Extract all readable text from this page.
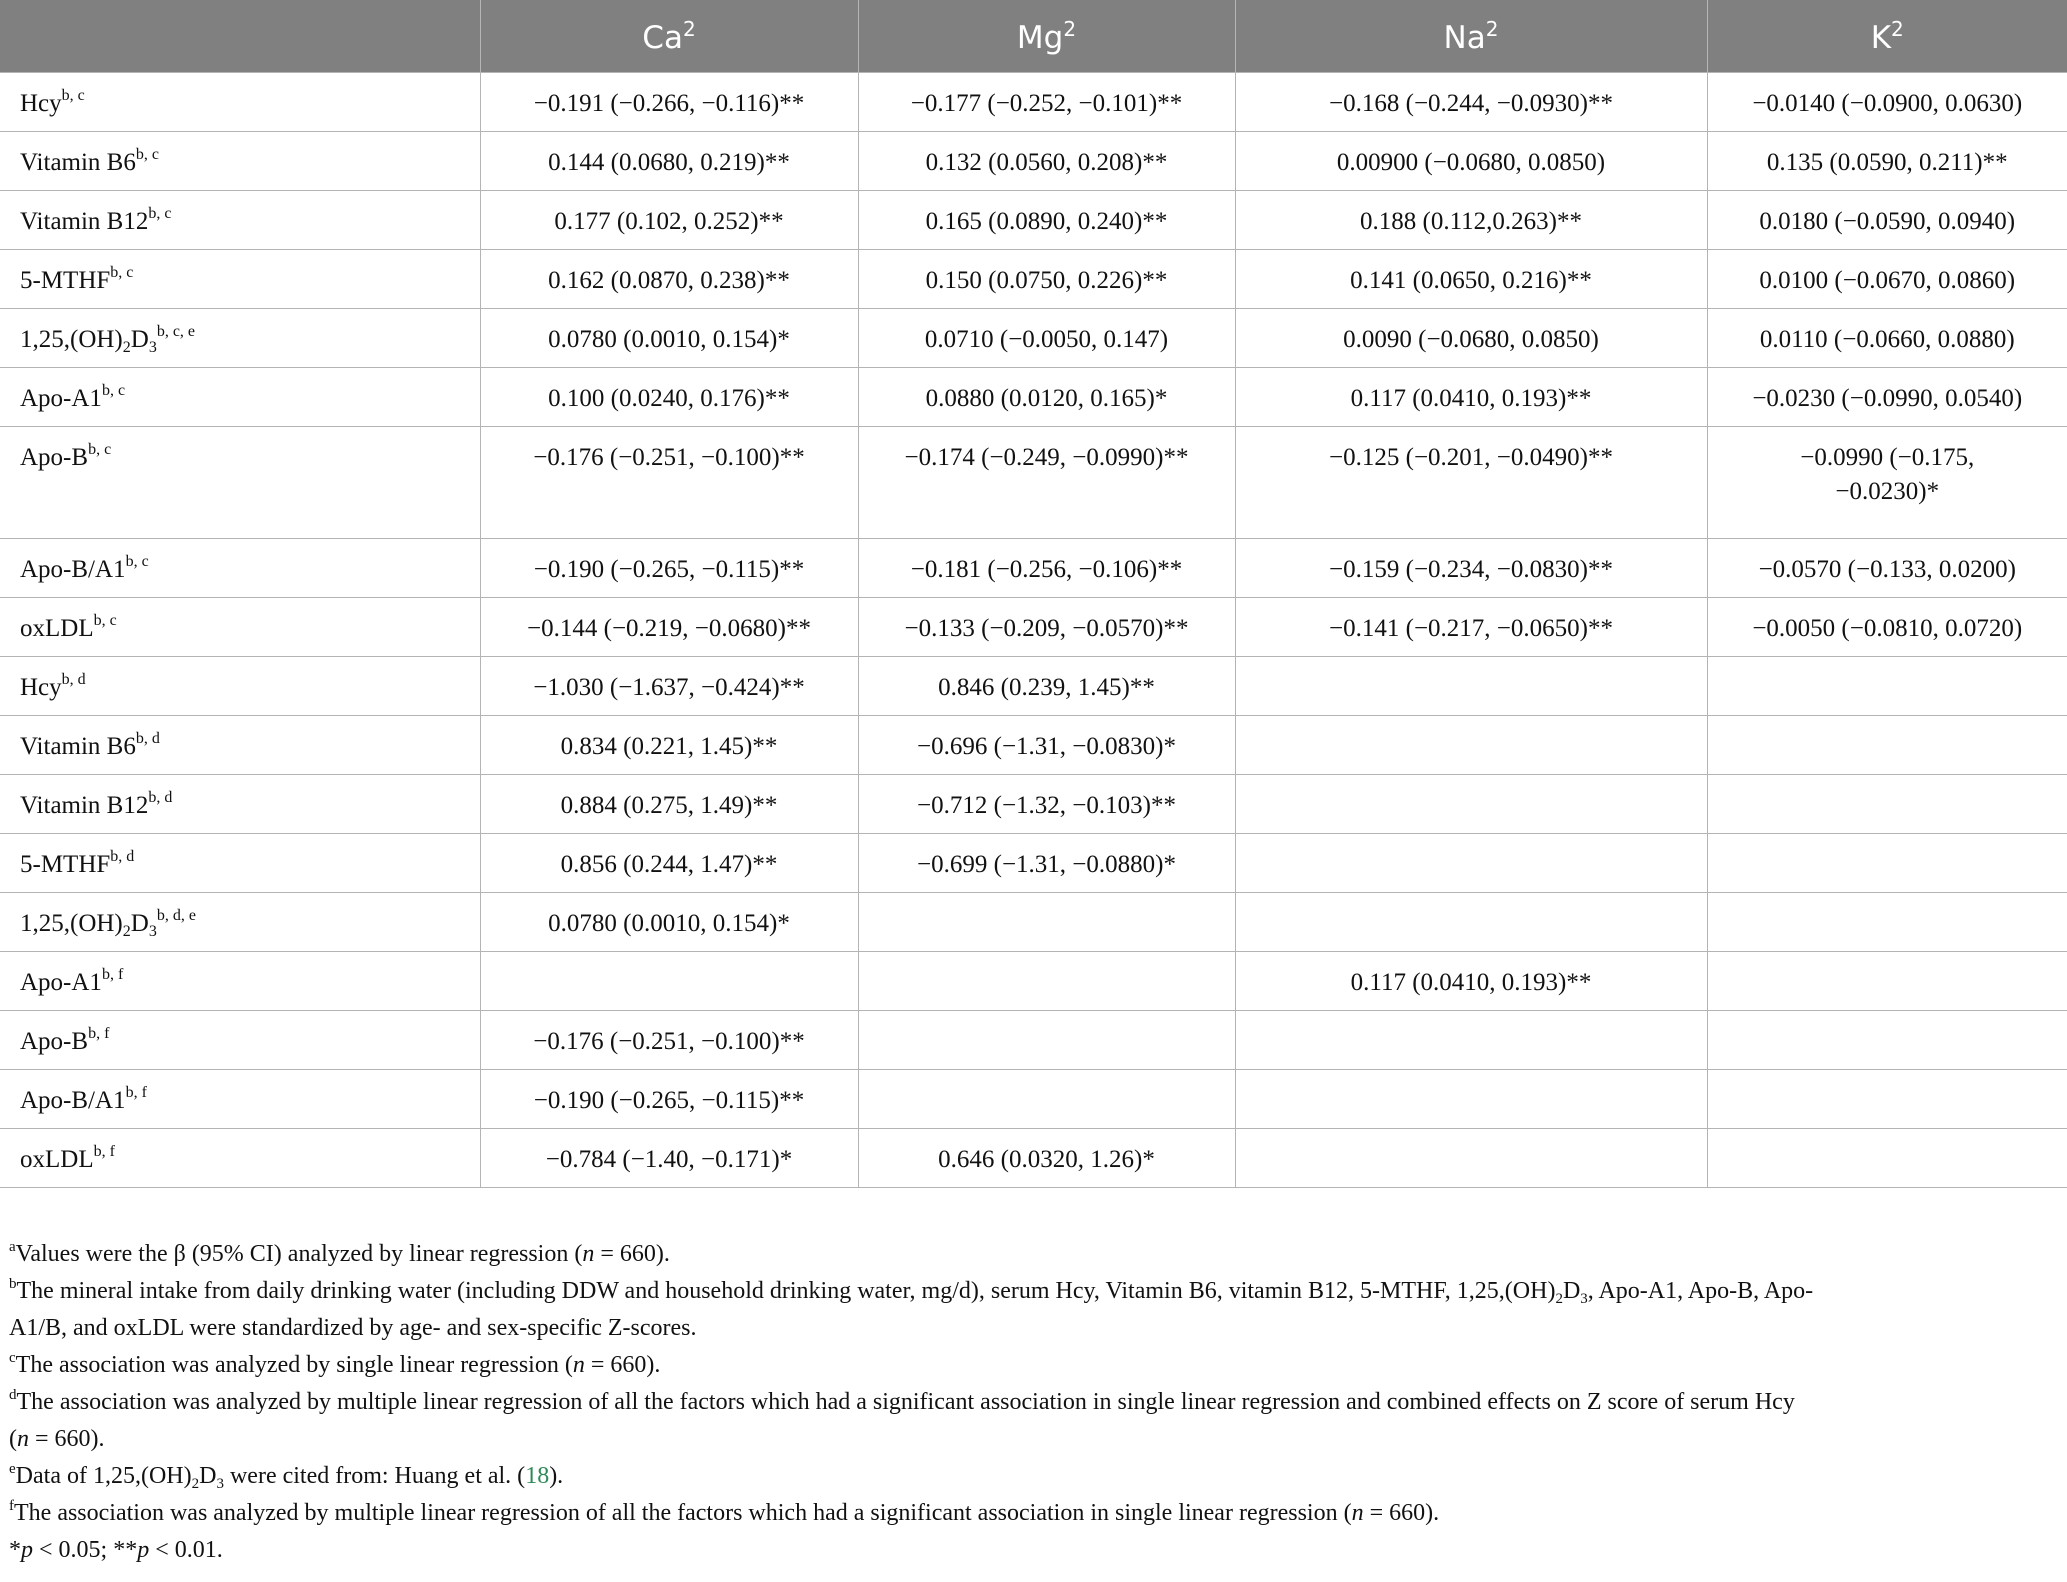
	Ca$^2$	Mg$^2$	Na$^2$	$K^2$
Hcy$^{b, c}$	−0.191 (−0.266, −0.116)**	−0.177 (−0.252, −0.101)**	−0.168 (−0.244, −0.0930)**	−0.0140 (−0.0900, 0.0630)
Vitamin B6$^{b, c}$	0.144 (0.0680, 0.219)**	0.132 (0.0560, 0.208)**	0.00900 (−0.0680, 0.0850)	0.135 (0.0590, 0.211)**
Vitamin B12$^{b, c}$	0.177 (0.102, 0.252)**	0.165 (0.0890, 0.240)**	0.188 (0.112,0.263)**	0.0180 (−0.0590, 0.0940)
5-MTHF$^{b, c}$	0.162 (0.0870, 0.238)**	0.150 (0.0750, 0.226)**	0.141 (0.0650, 0.216)**	0.0100 (−0.0670, 0.0860)
$1,25,(OH)_2D_3^{b, c, e}$	0.0780 (0.0010, 0.154)*	0.0710 (−0.0050, 0.147)	0.0090 (−0.0680, 0.0850)	0.0110 (−0.0660, 0.0880)
Apo-A1$^{b, c}$	0.100 (0.0240, 0.176)**	0.0880 (0.0120, 0.165)*	0.117 (0.0410, 0.193)**	−0.0230 (−0.0990, 0.0540)
Apo-$B^{b, c}$	−0.176 (−0.251, −0.100)**	−0.174 (−0.249, −0.0990)**	−0.125 (−0.201, −0.0490)**	−0.0990 (−0.175,
−0.0230)*
Apo-$B/A1^{b, c}$	−0.190 (−0.265, −0.115)**	−0.181 (−0.256, −0.106)**	−0.159 (−0.234, −0.0830)**	−0.0570 (−0.133, 0.0200)
oxLDL$^{b, c}$	−0.144 (−0.219, −0.0680)**	−0.133 (−0.209, −0.0570)**	−0.141 (−0.217, −0.0650)**	−0.0050 (−0.0810, 0.0720)
Hcy$^{b, d}$	−1.030 (−1.637, −0.424)**	0.846 (0.239, 1.45)**		
Vitamin B6$^{b, d}$	0.834 (0.221, 1.45)**	−0.696 (−1.31, −0.0830)*		
Vitamin B12$^{b, d}$	0.884 (0.275, 1.49)**	−0.712 (−1.32, −0.103)**		
5-MTHF$^{b, d}$	0.856 (0.244, 1.47)**	−0.699 (−1.31, −0.0880)*		
$1,25,(OH)_2D_3^{b, d, e}$	0.0780 (0.0010, 0.154)*			
Apo-A1$^{b, f}$			0.117 (0.0410, 0.193)**	
Apo-$B^{b, f}$	−0.176 (−0.251, −0.100)**			
Apo-$B/A1^{b, f}$	−0.190 (−0.265, −0.115)**			
oxLDL$^{b, f}$	−0.784 (−1.40, −0.171)*	0.646 (0.0320, 1.26)*		

$^a$Values were the β (95% CI) analyzed by linear regression (n = 660).

$^b$The mineral intake from daily drinking water (including DDW and household drinking water, mg/d), serum Hcy, Vitamin B6, vitamin B12, 5-MTHF, $1,25,(OH)_2D_3$, Apo-A1, Apo-B, Apo-
A1/B, and oxLDL were standardized by age- and sex-specific Z-scores.

$^c$The association was analyzed by single linear regression (n = 660).

$^d$The association was analyzed by multiple linear regression of all the factors which had a significant association in single linear regression and combined effects on Z score of serum Hcy
(n = 660).

$^e$Data of $1,25,(OH)_2D_3$ were cited from: Huang et al. (18).

$^f$The association was analyzed by multiple linear regression of all the factors which had a significant association in single linear regression (n = 660).

*p < 0.05; **p < 0.01.
